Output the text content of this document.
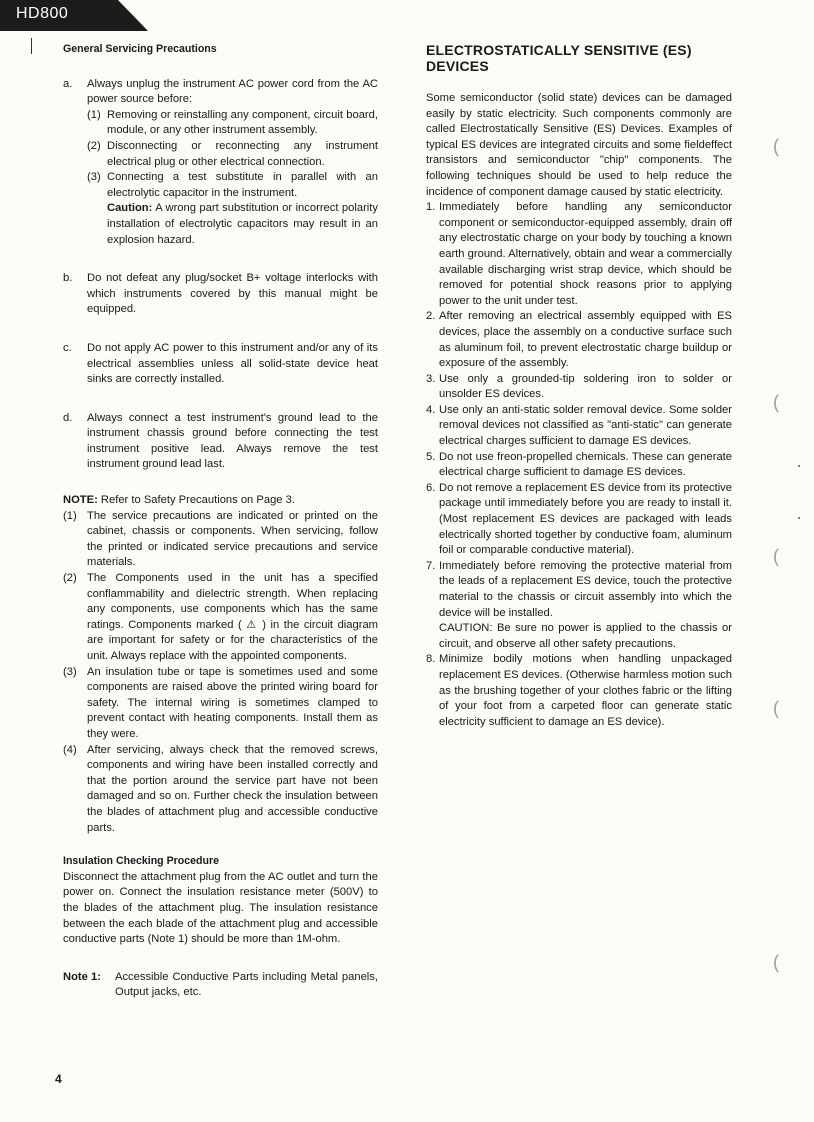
HD800

General Servicing Precautions

a.	Always unplug the instrument AC power cord from the AC power source before:
(1) Removing or reinstalling any component, circuit board, module, or any other instrument assembly.
(2) Disconnecting or reconnecting any instrument electrical plug or other electrical connection.
(3) Connecting a test substitute in parallel with an electrolytic capacitor in the instrument.

Caution: A wrong part substitution or incorrect polarity installation of electrolytic capacitors may result in an explosion hazard.

b.	Do not defeat any plug/socket B+ voltage interlocks with which instruments covered by this manual might be equipped.
c.	Do not apply AC power to this instrument and/or any of its electrical assemblies unless all solid-state device heat sinks are correctly installed.
d.	Always connect a test instrument's ground lead to the instrument chassis ground before connecting the test instrument positive lead. Always remove the test instrument ground lead last.

NOTE: Refer to Safety Precautions on Page 3.

(1) The service precautions are indicated or printed on the cabinet, chassis or components. When servicing, follow the printed or indicated service precautions and service materials.
(2) The Components used in the unit has a specified conflammability and dielectric strength. When replacing any components, use components which has the same ratings. Components marked ( ⚠ ) in the circuit diagram are important for safety or for the characteristics of the unit. Always replace with the appointed components.
(3) An insulation tube or tape is sometimes used and some components are raised above the printed wiring board for safety. The internal wiring is sometimes clamped to prevent contact with heating components. Install them as they were.
(4) After servicing, always check that the removed screws, components and wiring have been installed correctly and that the portion around the service part have not been damaged and so on. Further check the insulation between the blades of attachment plug and accessible conductive parts.

Insulation Checking Procedure

Disconnect the attachment plug from the AC outlet and turn the power on. Connect the insulation resistance meter (500V) to the blades of the attachment plug. The insulation resistance between the each blade of the attachment plug and accessible conductive parts (Note 1) should be more than 1M-ohm.

Note 1:	Accessible Conductive Parts including Metal panels, Output jacks, etc.

ELECTROSTATICALLY SENSITIVE (ES) DEVICES

Some semiconductor (solid state) devices can be damaged easily by static electricity. Such components commonly are called Electrostatically Sensitive (ES) Devices. Examples of typical ES devices are integrated circuits and some fieldeffect transistors and semiconductor "chip" components. The following techniques should be used to help reduce the incidence of component damage caused by static electricity.

1. Immediately before handling any semiconductor component or semiconductor-equipped assembly, drain off any electrostatic charge on your body by touching a known earth ground. Alternatively, obtain and wear a commercially available discharging wrist strap device, which should be removed for potential shock reasons prior to applying power to the unit under test.
2. After removing an electrical assembly equipped with ES devices, place the assembly on a conductive surface such as aluminum foil, to prevent electrostatic charge buildup or exposure of the assembly.
3. Use only a grounded-tip soldering iron to solder or unsolder ES devices.
4. Use only an anti-static solder removal device. Some solder removal devices not classified as "anti-static" can generate electrical charges sufficient to damage ES devices.
5. Do not use freon-propelled chemicals. These can generate electrical charge sufficient to damage ES devices.
6. Do not remove a replacement ES device from its protective package until immediately before you are ready to install it. (Most replacement ES devices are packaged with leads electrically shorted together by conductive foam, aluminum foil or comparable conductive material).
7. Immediately before removing the protective material from the leads of a replacement ES device, touch the protective material to the chassis or circuit assembly into which the device will be installed.
CAUTION: Be sure no power is applied to the chassis or circuit, and observe all other safety precautions.
8. Minimize bodily motions when handling unpackaged replacement ES devices. (Otherwise harmless motion such as the brushing together of your clothes fabric or the lifting of your foot from a carpeted floor can generate static electricity sufficient to damage an ES device).
4
(
(
(
(
(
